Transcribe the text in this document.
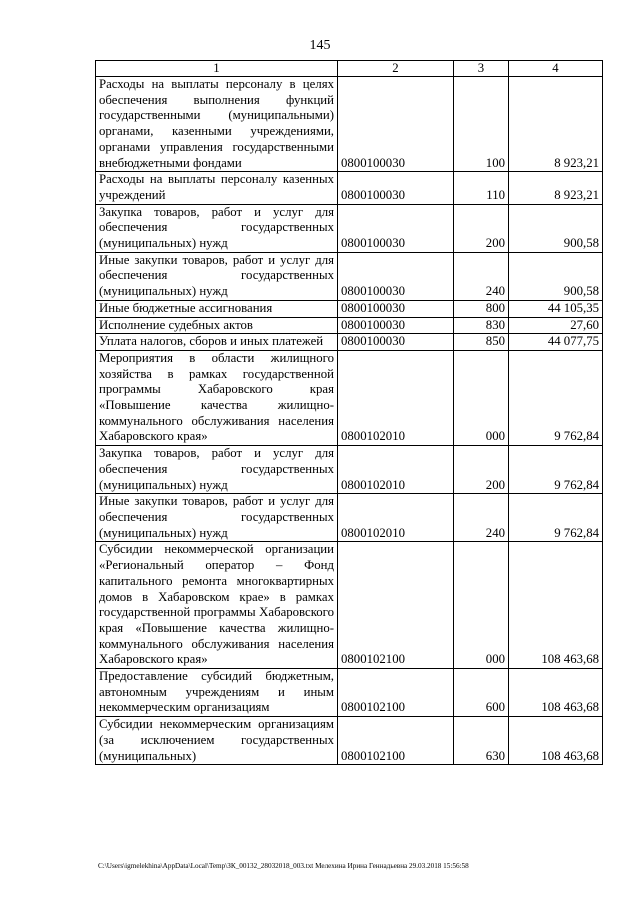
145
1	2	3	4
Расходы на выплаты персоналу в целях обеспечения выполнения функций государственными (муниципальными) органами, казенными учреждениями, органами управления государственными внебюджетными фондами	0800100030	100	8 923,21
Расходы на выплаты персоналу казенных учреждений	0800100030	110	8 923,21
Закупка товаров, работ и услуг для обеспечения государственных (муниципальных) нужд	0800100030	200	900,58
Иные закупки товаров, работ и услуг для обеспечения государственных (муниципальных) нужд	0800100030	240	900,58
Иные бюджетные ассигнования	0800100030	800	44 105,35
Исполнение судебных актов	0800100030	830	27,60
Уплата налогов, сборов и иных платежей	0800100030	850	44 077,75
Мероприятия в области жилищного хозяйства в рамках государственной программы Хабаровского края «Повышение качества жилищно-коммунального обслуживания населения Хабаровского края»	0800102010	000	9 762,84
Закупка товаров, работ и услуг для обеспечения государственных (муниципальных) нужд	0800102010	200	9 762,84
Иные закупки товаров, работ и услуг для обеспечения государственных (муниципальных) нужд	0800102010	240	9 762,84
Субсидии некоммерческой организации «Региональный оператор – Фонд капитального ремонта многоквартирных домов в Хабаровском крае» в рамках государственной программы Хабаровского края «Повышение качества жилищно-коммунального обслуживания населения Хабаровского края»	0800102100	000	108 463,68
Предоставление субсидий бюджетным, автономным учреждениям и иным некоммерческим организациям	0800102100	600	108 463,68
Субсидии некоммерческим организациям (за исключением государственных (муниципальных)	0800102100	630	108 463,68
C:\Users\igmelekhina\AppData\Local\Temp\ЗК_00132_28032018_003.txt Мелехина Ирина Геннадьевна 29.03.2018 15:56:58
